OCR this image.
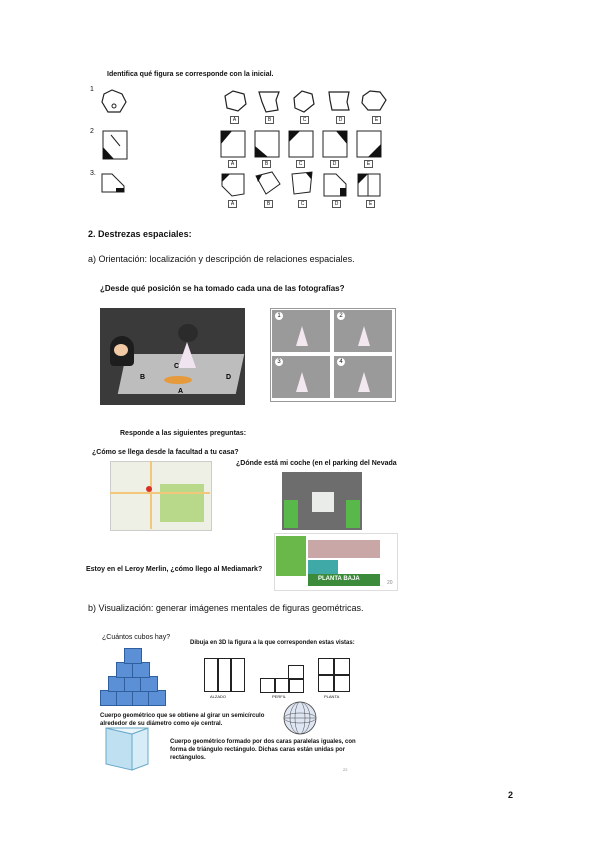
Identifica qué figura se corresponde con la inicial.
1
2
3.
A	B	C	D	E
A	B	C	D	E
A	B	C	D	E
2. Destrezas espaciales:
a) Orientación: localización y descripción de relaciones espaciales.
¿Desde qué posición se ha tomado cada una de las fotografías?
A
B
C
D
1	2
3	4
Responde a las siguientes preguntas:
¿Cómo se llega desde la facultad a tu casa?
¿Dónde está mi coche (en el parking del Nevada
Estoy en el Leroy Merlin, ¿cómo llego al Mediamark?
PLANTA BAJA
20
b) Visualización: generar imágenes mentales de figuras geométricas.
¿Cuántos cubos hay?
Dibuja en 3D la figura a la que corresponden estas vistas:
ALZADO	PERFIL	PLANTA
Cuerpo geométrico que se obtiene al girar un semicírculo alrededor de su diámetro como eje central.
Cuerpo geométrico formado por dos caras paralelas iguales, con forma de triángulo rectángulo. Dichas caras están unidas por rectángulos.
22
2
